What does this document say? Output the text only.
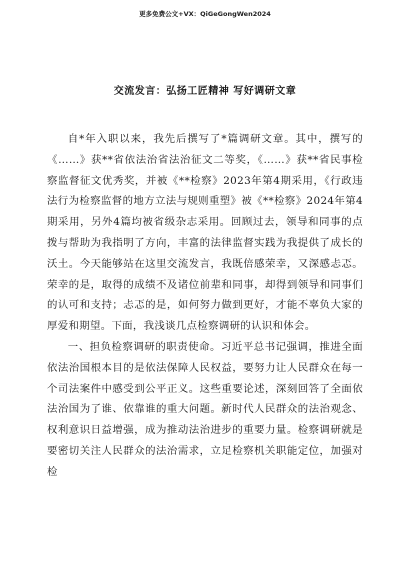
更多免费公文+VX：QiGeGongWen2024
交流发言：弘扬工匠精神 写好调研文章

自*年入职以来，我先后撰写了*篇调研文章。其中，撰写的《……》获**省依法治省法治征文二等奖，《……》获**省民事检察监督征文优秀奖，并被《**检察》2023年第4期采用，《行政违法行为检察监督的地方立法与规则重塑》被《**检察》2024年第4期采用，另外4篇均被省级杂志采用。回顾过去，领导和同事的点拨与帮助为我指明了方向，丰富的法律监督实践为我提供了成长的沃土。今天能够站在这里交流发言，我既倍感荣幸，又深感忐忑。荣幸的是，取得的成绩不及诸位前辈和同事，却得到领导和同事们的认可和支持；忐忑的是，如何努力做到更好，才能不辜负大家的厚爱和期望。下面，我浅谈几点检察调研的认识和体会。

一、担负检察调研的职责使命。习近平总书记强调，推进全面依法治国根本目的是依法保障人民权益，要努力让人民群众在每一个司法案件中感受到公平正义。这些重要论述，深刻回答了全面依法治国为了谁、依靠谁的重大问题。新时代人民群众的法治观念、权利意识日益增强，成为推动法治进步的重要力量。检察调研就是要密切关注人民群众的法治需求，立足检察机关职能定位，加强对检
